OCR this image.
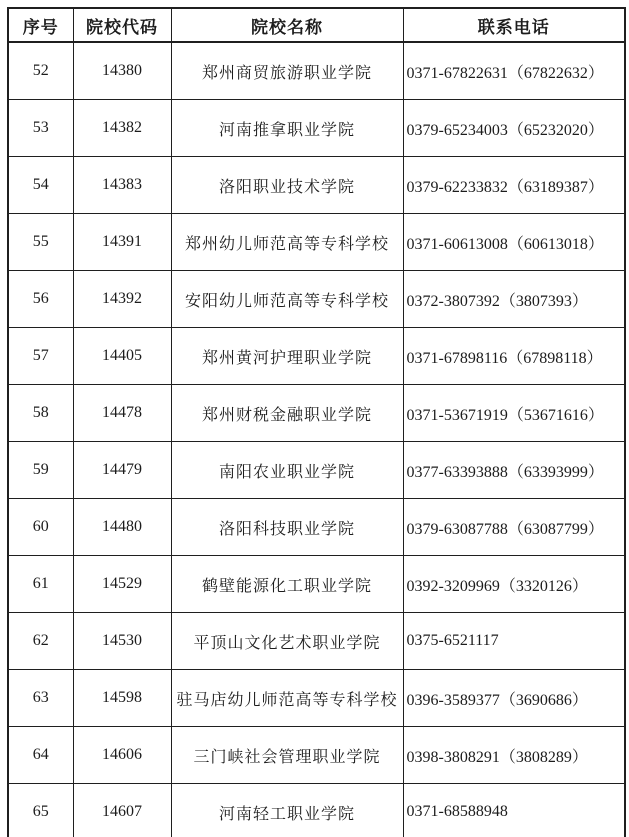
序号	院校代码	院校名称	联系电话
52	14380	郑州商贸旅游职业学院	0371-67822631（67822632）
53	14382	河南推拿职业学院	0379-65234003（65232020）
54	14383	洛阳职业技术学院	0379-62233832（63189387）
55	14391	郑州幼儿师范高等专科学校	0371-60613008（60613018）
56	14392	安阳幼儿师范高等专科学校	0372-3807392（3807393）
57	14405	郑州黄河护理职业学院	0371-67898116（67898118）
58	14478	郑州财税金融职业学院	0371-53671919（53671616）
59	14479	南阳农业职业学院	0377-63393888（63393999）
60	14480	洛阳科技职业学院	0379-63087788（63087799）
61	14529	鹤壁能源化工职业学院	0392-3209969（3320126）
62	14530	平顶山文化艺术职业学院	0375-6521117
63	14598	驻马店幼儿师范高等专科学校	0396-3589377（3690686）
64	14606	三门峡社会管理职业学院	0398-3808291（3808289）
65	14607	河南轻工职业学院	0371-68588948
